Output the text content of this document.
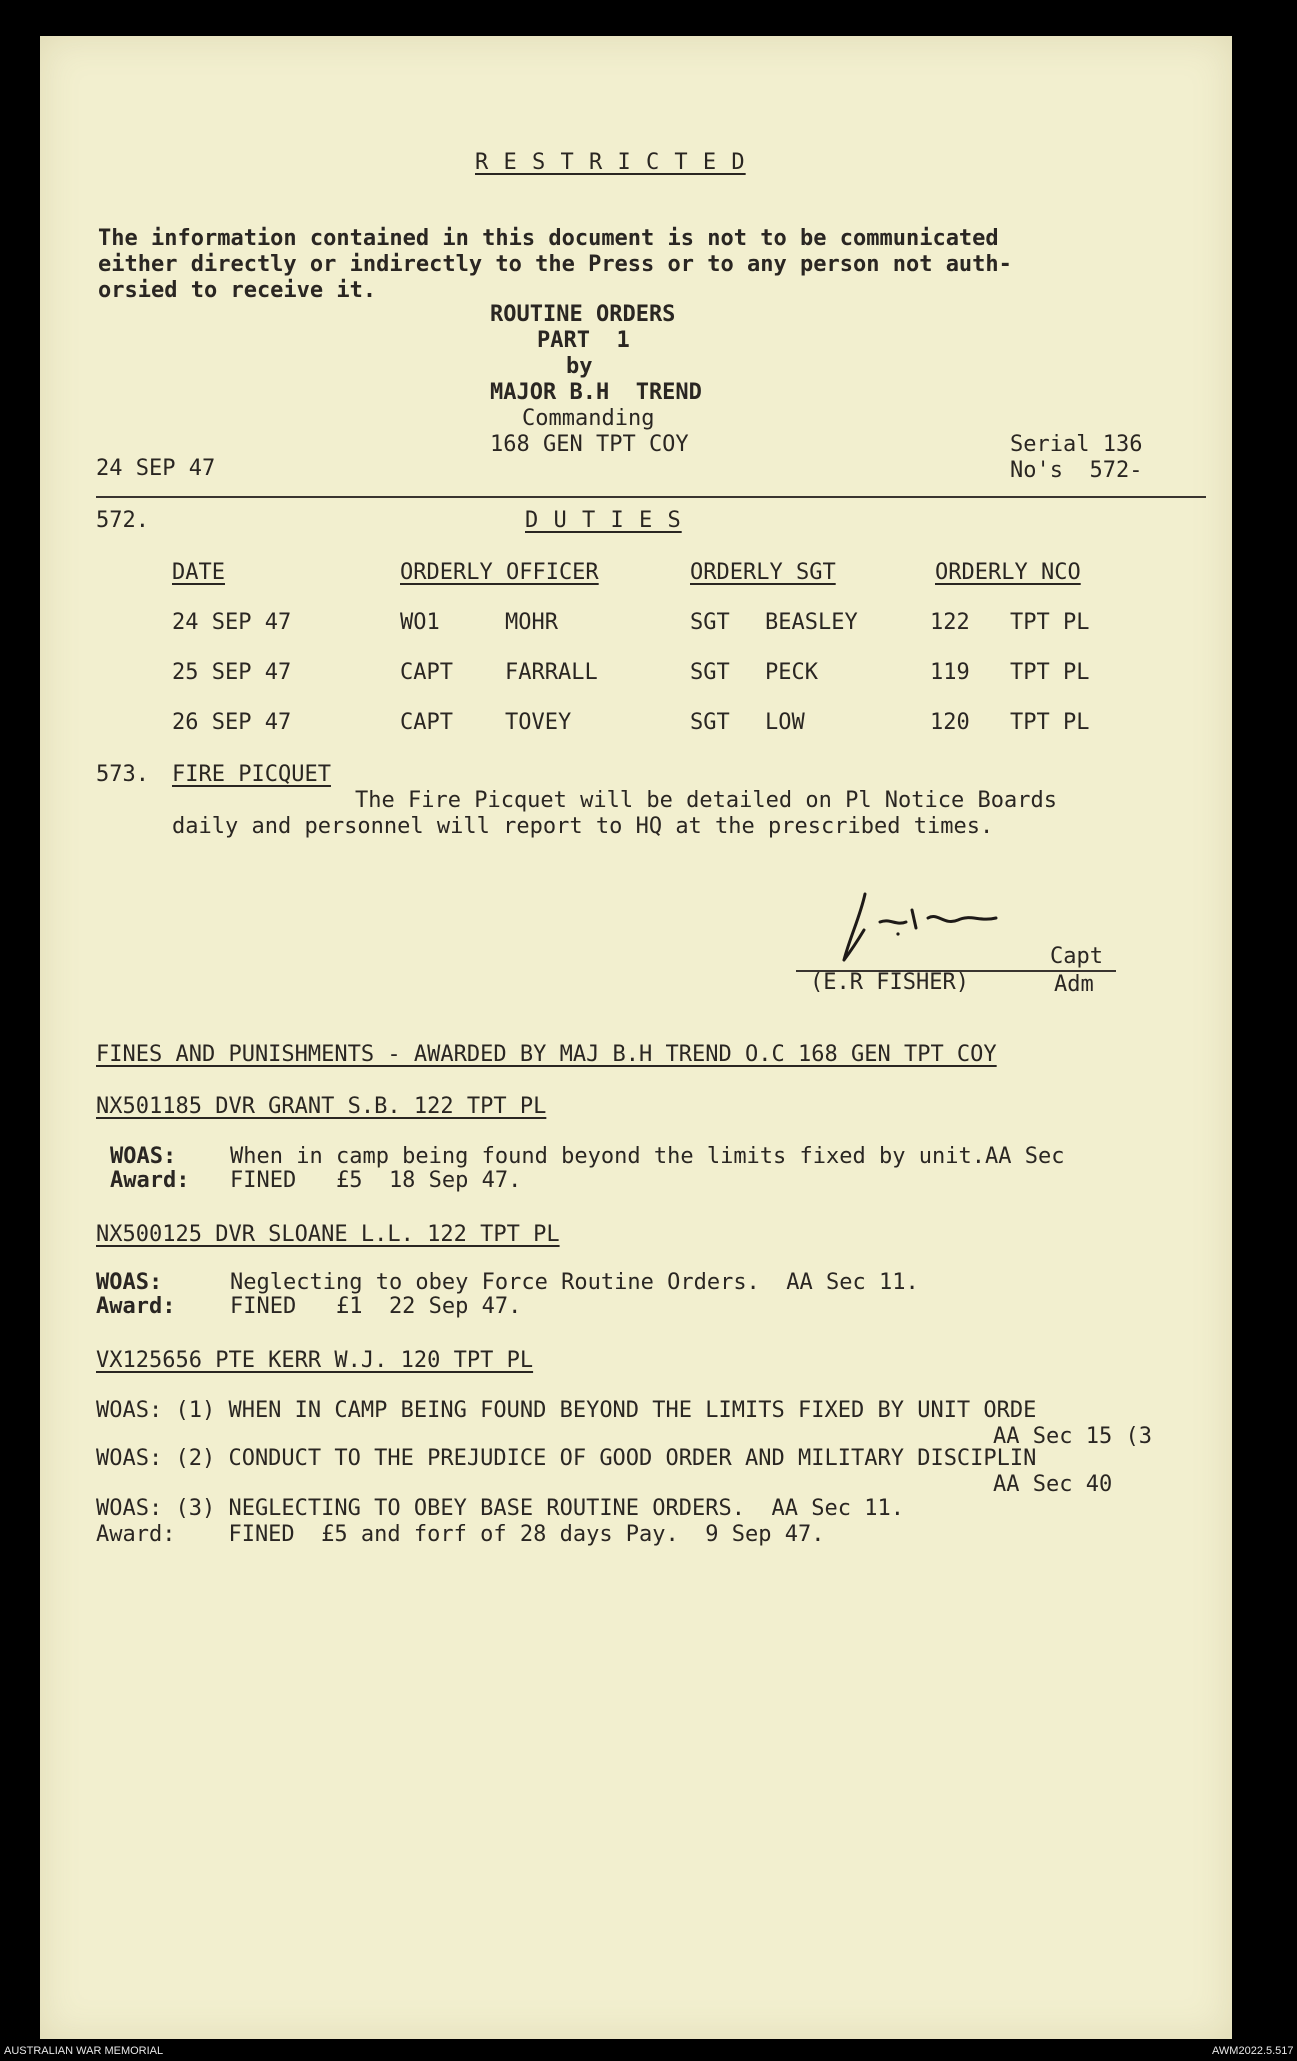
R E S T R I C T E D
The information contained in this document is not to be communicated
either directly or indirectly to the Press or to any person not auth-
orsied to receive it.
ROUTINE ORDERS
PART  1
by
MAJOR B.H  TREND
Commanding
168 GEN TPT COY	Serial 136
24 SEP 47	No's  572-
572.	D U T I E S
DATE	ORDERLY OFFICER	ORDERLY SGT	ORDERLY NCO
24 SEP 47	WO1	MOHR	SGT BEASLEY	122 TPT PL
25 SEP 47	CAPT FARRALL	SGT PECK	119 TPT PL
26 SEP 47	CAPT TOVEY	SGT LOW	120 TPT PL
573. FIRE PICQUET
The Fire Picquet will be detailed on Pl Notice Boards
daily and personnel will report to HQ at the prescribed times.
Capt
(E.R FISHER)	Adm
FINES AND PUNISHMENTS - AWARDED BY MAJ B.H TREND O.C 168 GEN TPT COY
NX501185 DVR GRANT S.B. 122 TPT PL
WOAS: When in camp being found beyond the limits fixed by unit.AA Sec
Award: FINED   £5  18 Sep 47.
NX500125 DVR SLOANE L.L. 122 TPT PL
WOAS:	Neglecting to obey Force Routine Orders.  AA Sec 11.
Award: FINED   £1  22 Sep 47.
VX125656 PTE KERR W.J. 120 TPT PL
WOAS: (1) WHEN IN CAMP BEING FOUND BEYOND THE LIMITS FIXED BY UNIT ORDE
AA Sec 15 (3
WOAS: (2) CONDUCT TO THE PREJUDICE OF GOOD ORDER AND MILITARY DISCIPLIN
AA Sec 40
WOAS: (3) NEGLECTING TO OBEY BASE ROUTINE ORDERS.  AA Sec 11.
Award:    FINED  £5 and forf of 28 days Pay.  9 Sep 47.
AUSTRALIAN WAR MEMORIAL	AWM2022.5.517
